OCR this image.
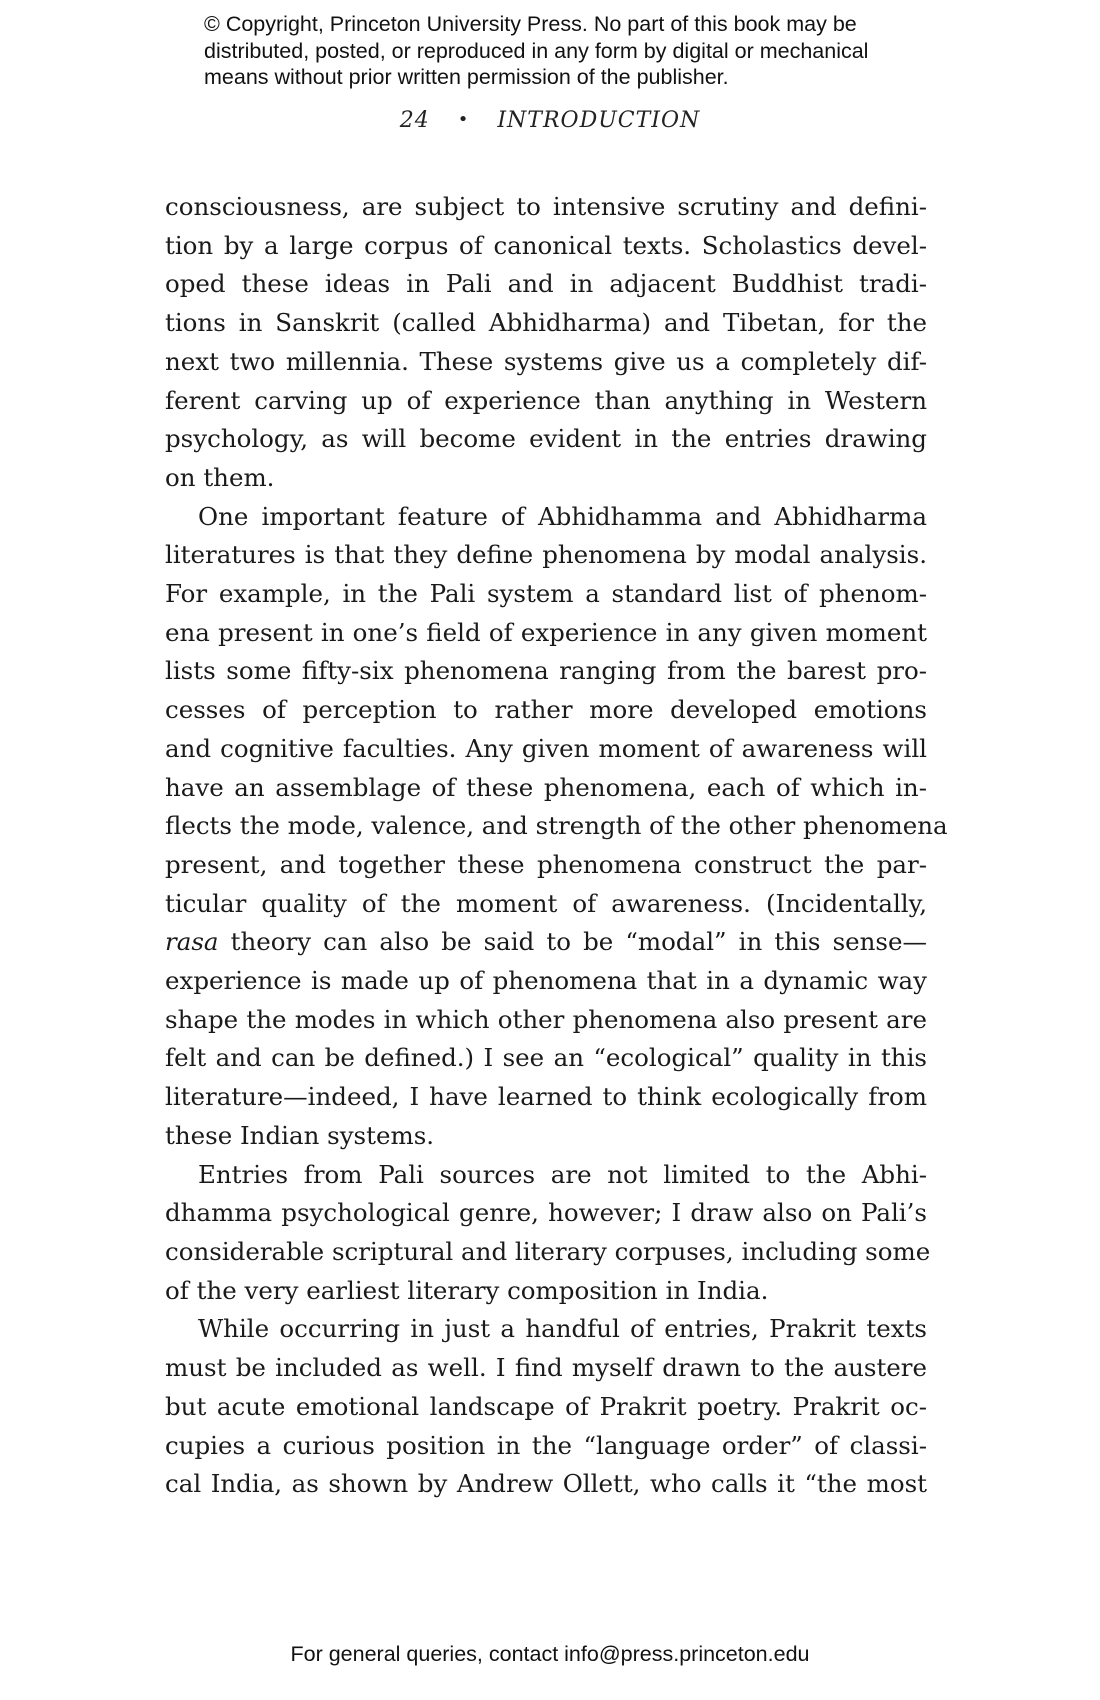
© Copyright, Princeton University Press. No part of this book may be
distributed, posted, or reproduced in any form by digital or mechanical
means without prior written permission of the publisher.
24 • INTRODUCTION
consciousness, are subject to intensive scrutiny and defini-
tion by a large corpus of canonical texts. Scholastics devel-
oped these ideas in Pali and in adjacent Buddhist tradi-
tions in Sanskrit (called Abhidharma) and Tibetan, for the
next two millennia. These systems give us a completely dif-
ferent carving up of experience than anything in Western
psychology, as will become evident in the entries drawing
on them.
One important feature of Abhidhamma and Abhidharma
literatures is that they define phenomena by modal analysis.
For example, in the Pali system a standard list of phenom-
ena present in one’s field of experience in any given moment
lists some fifty-six phenomena ranging from the barest pro-
cesses of perception to rather more developed emotions
and cognitive faculties. Any given moment of awareness will
have an assemblage of these phenomena, each of which in-
flects the mode, valence, and strength of the other phenomena
present, and together these phenomena construct the par-
ticular quality of the moment of awareness. (Incidentally,
rasa theory can also be said to be “modal” in this sense—
experience is made up of phenomena that in a dynamic way
shape the modes in which other phenomena also present are
felt and can be defined.) I see an “ecological” quality in this
literature—indeed, I have learned to think ecologically from
these Indian systems.
Entries from Pali sources are not limited to the Abhi-
dhamma psychological genre, however; I draw also on Pali’s
considerable scriptural and literary corpuses, including some
of the very earliest literary composition in India.
While occurring in just a handful of entries, Prakrit texts
must be included as well. I find myself drawn to the austere
but acute emotional landscape of Prakrit poetry. Prakrit oc-
cupies a curious position in the “language order” of classi-
cal India, as shown by Andrew Ollett, who calls it “the most
For general queries, contact info@press.princeton.edu
